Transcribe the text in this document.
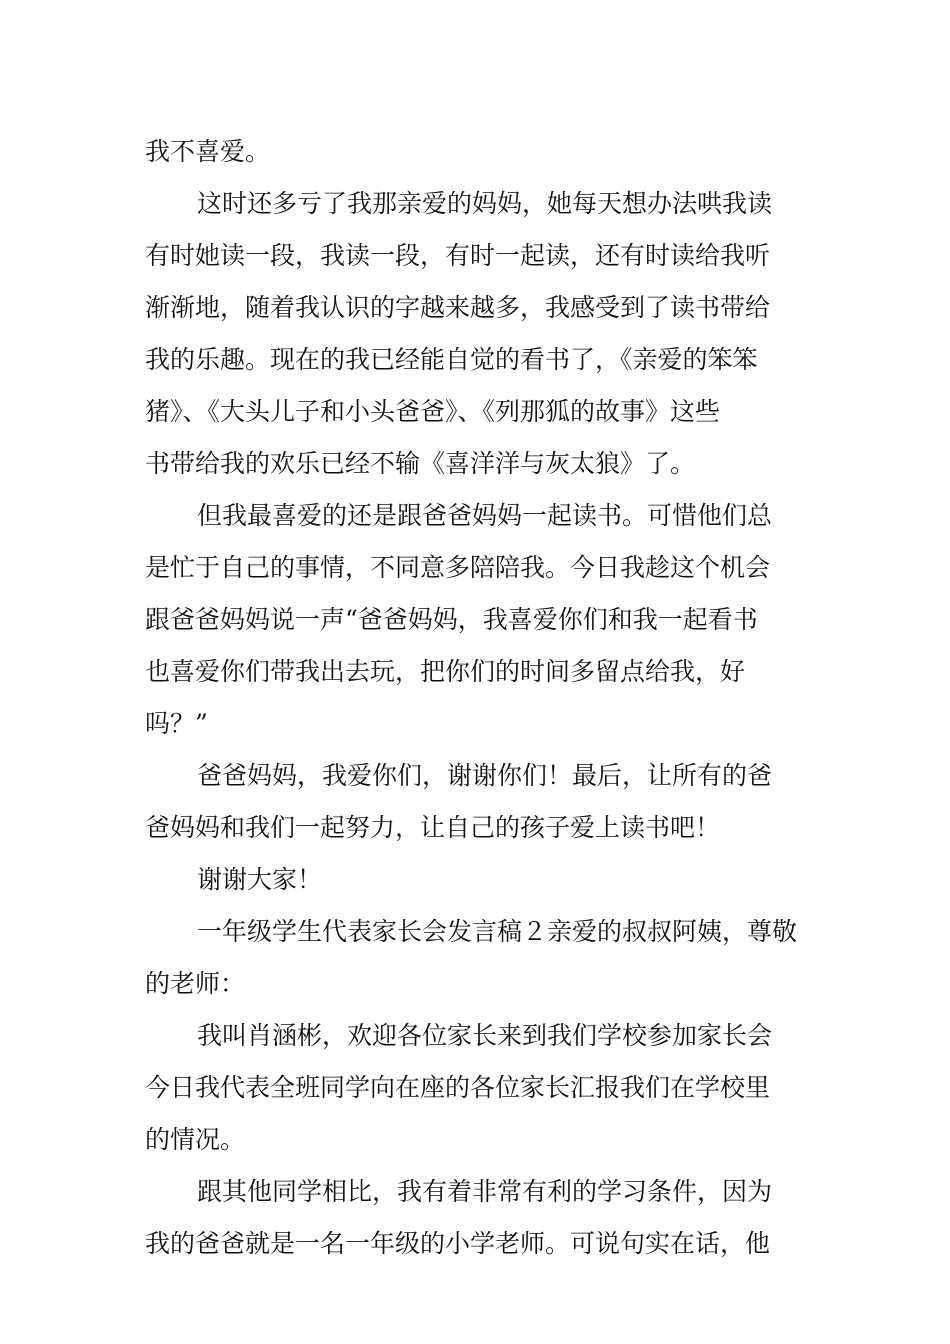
我不喜爱。
这时还多亏了我那亲爱的妈妈，她每天想办法哄我读
有时她读一段，我读一段，有时一起读，还有时读给我听
渐渐地，随着我认识的字越来越多，我感受到了读书带给
我的乐趣。现在的我已经能自觉的看书了，《亲爱的笨笨
猪》、《大头儿子和小头爸爸》、《列那狐的故事》这些
书带给我的欢乐已经不输《喜洋洋与灰太狼》了。
但我最喜爱的还是跟爸爸妈妈一起读书。可惜他们总
是忙于自己的事情，不同意多陪陪我。今日我趁这个机会
跟爸爸妈妈说一声“爸爸妈妈，我喜爱你们和我一起看书
也喜爱你们带我出去玩，把你们的时间多留点给我，好
吗？”
爸爸妈妈，我爱你们，谢谢你们！最后，让所有的爸
爸妈妈和我们一起努力，让自己的孩子爱上读书吧！
谢谢大家！
一年级学生代表家长会发言稿２亲爱的叔叔阿姨，尊敬
的老师：
我叫肖涵彬，欢迎各位家长来到我们学校参加家长会
今日我代表全班同学向在座的各位家长汇报我们在学校里
的情况。
跟其他同学相比，我有着非常有利的学习条件，因为
我的爸爸就是一名一年级的小学老师。可说句实在话，他
